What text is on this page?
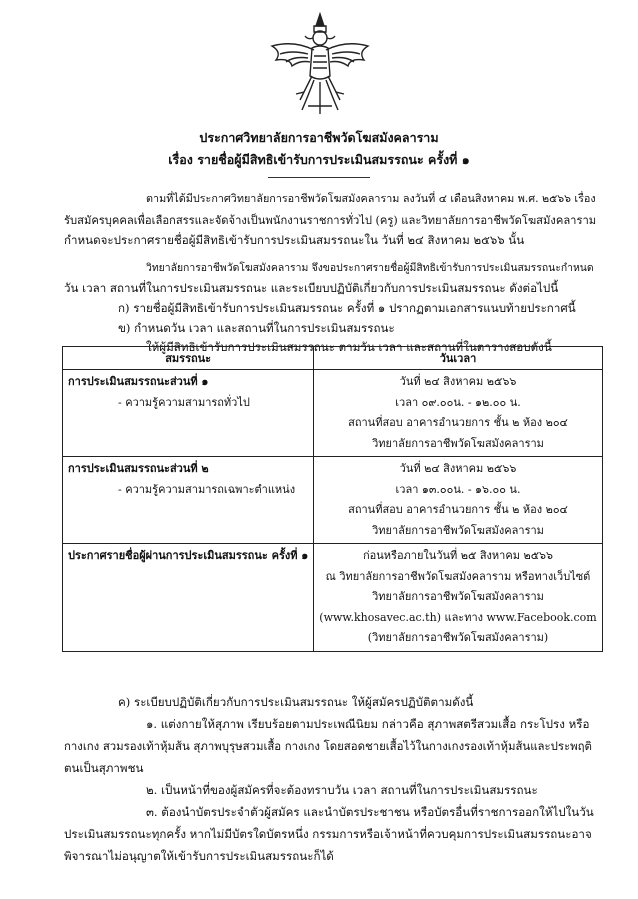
ประกาศวิทยาลัยการอาชีพวัดโฆสมังคลาราม
เรื่อง รายชื่อผู้มีสิทธิเข้ารับการประเมินสมรรถนะ ครั้งที่ ๑
ตามที่ได้มีประกาศวิทยาลัยการอาชีพวัดโฆสมังคลาราม ลงวันที่ ๔ เดือนสิงหาคม พ.ศ. ๒๕๖๖ เรื่อง
รับสมัครบุคคลเพื่อเลือกสรรและจัดจ้างเป็นพนักงานราชการทั่วไป (ครู) และวิทยาลัยการอาชีพวัดโฆสมังคลาราม
กำหนดจะประกาศรายชื่อผู้มีสิทธิเข้ารับการประเมินสมรรถนะใน วันที่ ๒๔ สิงหาคม ๒๕๖๖ นั้น
วิทยาลัยการอาชีพวัดโฆสมังคลาราม จึงขอประกาศรายชื่อผู้มีสิทธิเข้ารับการประเมินสมรรถนะกำหนด
วัน เวลา สถานที่ในการประเมินสมรรถนะ และระเบียบปฏิบัติเกี่ยวกับการประเมินสมรรถนะ ดังต่อไปนี้
ก) รายชื่อผู้มีสิทธิเข้ารับการประเมินสมรรถนะ ครั้งที่ ๑ ปรากฏตามเอกสารแนบท้ายประกาศนี้
ข) กำหนดวัน เวลา และสถานที่ในการประเมินสมรรถนะ
ให้ผู้มีสิทธิเข้ารับการประเมินสมรรถนะ ตามวัน เวลา และสถานที่ในตารางสอบดังนี้
สมรรถนะ	วันเวลา

การประเมินสมรรถนะส่วนที่ ๑
- ความรู้ความสามารถทั่วไป	วันที่ ๒๔ สิงหาคม ๒๕๖๖
เวลา ๐๙.๐๐น. - ๑๒.๐๐ น.
สถานที่สอบ อาคารอำนวยการ ชั้น ๒ ห้อง ๒๐๔
วิทยาลัยการอาชีพวัดโฆสมังคลาราม

การประเมินสมรรถนะส่วนที่ ๒
- ความรู้ความสามารถเฉพาะตำแหน่ง	วันที่ ๒๔ สิงหาคม ๒๕๖๖
เวลา ๑๓.๐๐น. - ๑๖.๐๐ น.
สถานที่สอบ อาคารอำนวยการ ชั้น ๒ ห้อง ๒๐๔
วิทยาลัยการอาชีพวัดโฆสมังคลาราม

ประกาศรายชื่อผู้ผ่านการประเมินสมรรถนะ ครั้งที่ ๑	ก่อนหรือภายในวันที่ ๒๕ สิงหาคม ๒๕๖๖
ณ วิทยาลัยการอาชีพวัดโฆสมังคลาราม หรือทางเว็บไซต์
วิทยาลัยการอาชีพวัดโฆสมังคลาราม
(www.khosavec.ac.th) และทาง www.Facebook.com
(วิทยาลัยการอาชีพวัดโฆสมังคลาราม)
ค) ระเบียบปฏิบัติเกี่ยวกับการประเมินสมรรถนะ ให้ผู้สมัครปฏิบัติตามดังนี้
๑. แต่งกายให้สุภาพ เรียบร้อยตามประเพณีนิยม กล่าวคือ สุภาพสตรีสวมเสื้อ กระโปรง หรือ
กางเกง สวมรองเท้าหุ้มส้น สุภาพบุรุษสวมเสื้อ กางเกง โดยสอดชายเสื้อไว้ในกางเกงรองเท้าหุ้มส้นและประพฤติ
ตนเป็นสุภาพชน
๒. เป็นหน้าที่ของผู้สมัครที่จะต้องทราบวัน เวลา สถานที่ในการประเมินสมรรถนะ
๓. ต้องนำบัตรประจำตัวผู้สมัคร และนำบัตรประชาชน หรือบัตรอื่นที่ราชการออกให้ไปในวัน
ประเมินสมรรถนะทุกครั้ง หากไม่มีบัตรใดบัตรหนึ่ง กรรมการหรือเจ้าหน้าที่ควบคุมการประเมินสมรรถนะอาจ
พิจารณาไม่อนุญาตให้เข้ารับการประเมินสมรรถนะก็ได้
